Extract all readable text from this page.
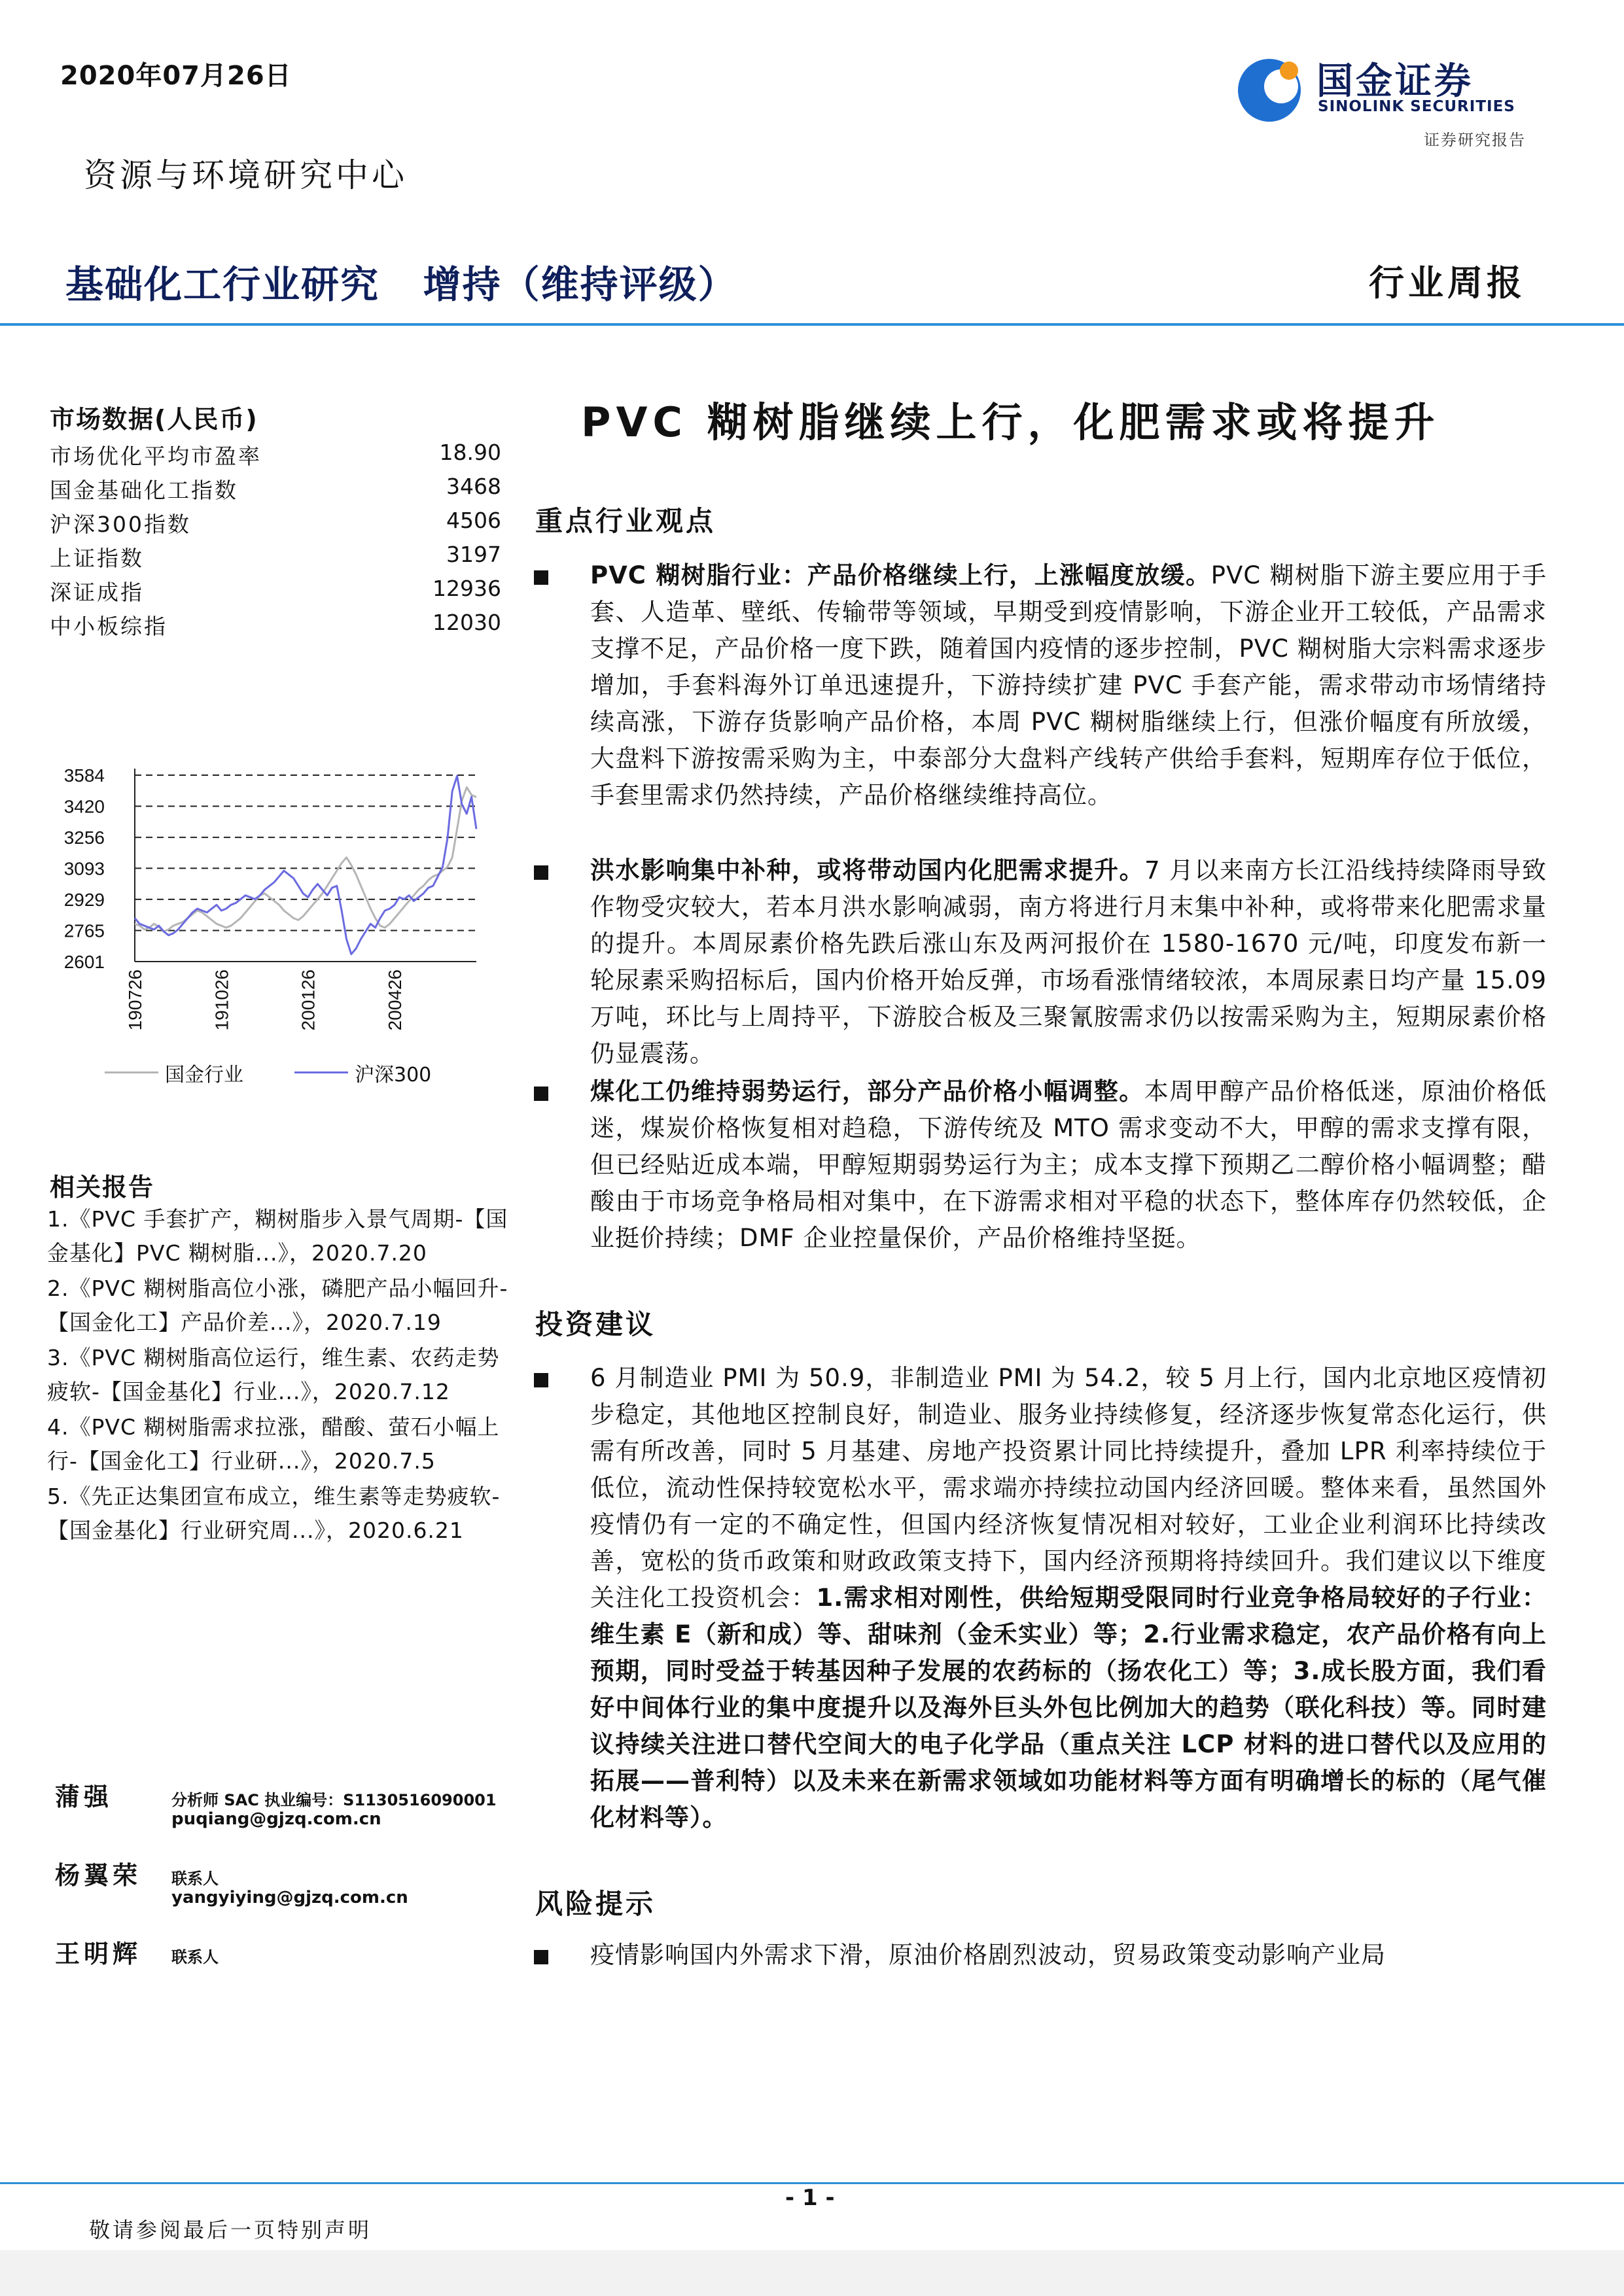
2020年07月26日	国金证券
SINOLINK SECURITIES
证券研究报告
资源与环境研究中心
基础化工行业研究   增持（维持评级）	行业周报
市场数据(人民币)
市场优化平均市盈率	18.90
国金基础化工指数	3468
沪深300指数	4506
上证指数	3197
深证成指	12936
中小板综指	12030
3584
3420
3256
3093
2929
2765
2601
190726	191026	200126	200426
国金行业	沪深300
相关报告
1.《PVC 手套扩产，糊树脂步入景气周期-【国金基化】PVC 糊树脂...》，2020.7.20
2.《PVC 糊树脂高位小涨，磷肥产品小幅回升-【国金化工】产品价差...》，2020.7.19
3.《PVC 糊树脂高位运行，维生素、农药走势疲软-【国金基化】行业...》，2020.7.12
4.《PVC 糊树脂需求拉涨，醋酸、萤石小幅上行-【国金化工】行业研...》，2020.7.5
5.《先正达集团宣布成立，维生素等走势疲软-【国金基化】行业研究周...》，2020.6.21
蒲强	分析师 SAC 执业编号：S1130516090001
puqiang@gjzq.com.cn
杨翼荣 联系人
yangyiying@gjzq.com.cn
王明辉 联系人
PVC 糊树脂继续上行，化肥需求或将提升
重点行业观点
PVC 糊树脂行业：产品价格继续上行，上涨幅度放缓。PVC 糊树脂下游主要应用于手套、人造革、壁纸、传输带等领域，早期受到疫情影响，下游企业开工较低，产品需求支撑不足，产品价格一度下跌，随着国内疫情的逐步控制，PVC 糊树脂大宗料需求逐步增加，手套料海外订单迅速提升，下游持续扩建 PVC 手套产能，需求带动市场情绪持续高涨，下游存货影响产品价格，本周 PVC 糊树脂继续上行，但涨价幅度有所放缓，大盘料下游按需采购为主，中泰部分大盘料产线转产供给手套料，短期库存位于低位，手套里需求仍然持续，产品价格继续维持高位。
洪水影响集中补种，或将带动国内化肥需求提升。7 月以来南方长江沿线持续降雨导致作物受灾较大，若本月洪水影响减弱，南方将进行月末集中补种，或将带来化肥需求量的提升。本周尿素价格先跌后涨山东及两河报价在 1580-1670 元/吨，印度发布新一轮尿素采购招标后，国内价格开始反弹，市场看涨情绪较浓，本周尿素日均产量 15.09 万吨，环比与上周持平，下游胶合板及三聚氰胺需求仍以按需采购为主，短期尿素价格仍显震荡。
煤化工仍维持弱势运行，部分产品价格小幅调整。本周甲醇产品价格低迷，原油价格低迷，煤炭价格恢复相对趋稳，下游传统及 MTO 需求变动不大，甲醇的需求支撑有限，但已经贴近成本端，甲醇短期弱势运行为主；成本支撑下预期乙二醇价格小幅调整；醋酸由于市场竞争格局相对集中，在下游需求相对平稳的状态下，整体库存仍然较低，企业挺价持续；DMF 企业控量保价，产品价格维持坚挺。
投资建议
6 月制造业 PMI 为 50.9，非制造业 PMI 为 54.2，较 5 月上行，国内北京地区疫情初步稳定，其他地区控制良好，制造业、服务业持续修复，经济逐步恢复常态化运行，供需有所改善，同时 5 月基建、房地产投资累计同比持续提升，叠加 LPR 利率持续位于低位，流动性保持较宽松水平，需求端亦持续拉动国内经济回暖。整体来看，虽然国外疫情仍有一定的不确定性，但国内经济恢复情况相对较好，工业企业利润环比持续改善，宽松的货币政策和财政政策支持下，国内经济预期将持续回升。我们建议以下维度关注化工投资机会：1.需求相对刚性，供给短期受限同时行业竞争格局较好的子行业：维生素 E（新和成）等、甜味剂（金禾实业）等；2.行业需求稳定，农产品价格有向上预期，同时受益于转基因种子发展的农药标的（扬农化工）等；3.成长股方面，我们看好中间体行业的集中度提升以及海外巨头外包比例加大的趋势（联化科技）等。同时建议持续关注进口替代空间大的电子化学品（重点关注 LCP 材料的进口替代以及应用的拓展——普利特）以及未来在新需求领域如功能材料等方面有明确增长的标的（尾气催化材料等）。
风险提示
疫情影响国内外需求下滑，原油价格剧烈波动，贸易政策变动影响产业局
- 1 -
敬请参阅最后一页特别声明
